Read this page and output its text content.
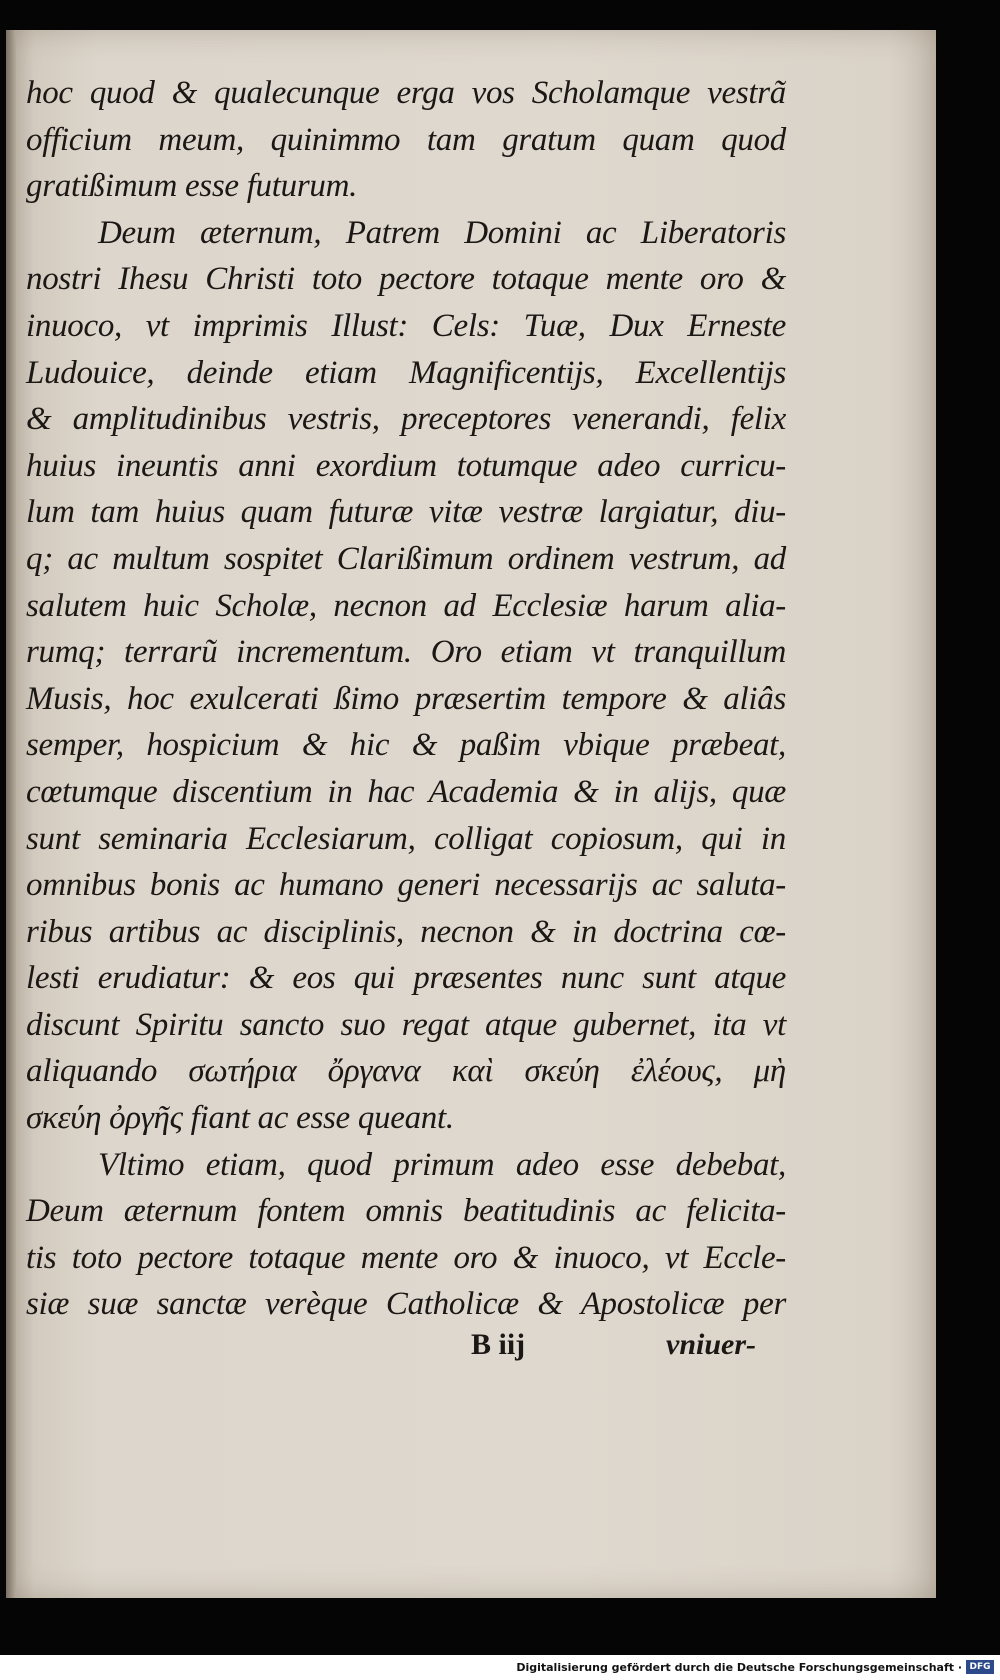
hoc quod & qualecunque erga vos Scholamque vestrã
officium meum, quinimmo tam gratum quam quod
gratißimum esse futurum.
Deum æternum, Patrem Domini ac Liberatoris
nostri Ihesu Christi toto pectore totaque mente oro &
inuoco, vt imprimis Illust: Cels: Tuæ, Dux Erneste
Ludouice, deinde etiam Magnificentijs, Excellentijs
& amplitudinibus vestris, preceptores venerandi, felix
huius ineuntis anni exordium totumque adeo curricu-
lum tam huius quam futuræ vitæ vestræ largiatur, diu-
q; ac multum sospitet Clarißimum ordinem vestrum, ad
salutem huic Scholæ, necnon ad Ecclesiæ harum alia-
rumq; terrarũ incrementum. Oro etiam vt tranquillum
Musis, hoc exulcerati ßimo præsertim tempore & aliâs
semper, hospicium & hic & paßim vbique præbeat,
cœtumque discentium in hac Academia & in alijs, quæ
sunt seminaria Ecclesiarum, colligat copiosum, qui in
omnibus bonis ac humano generi necessarijs ac saluta-
ribus artibus ac disciplinis, necnon & in doctrina cœ-
lesti erudiatur: & eos qui præsentes nunc sunt atque
discunt Spiritu sancto suo regat atque gubernet, ita vt
aliquando σωτήρια ὄργανα καὶ σκεύη ἐλέους, μὴ
σκεύη ὀργῆς fiant ac esse queant.
Vltimo etiam, quod primum adeo esse debebat,
Deum æternum fontem omnis beatitudinis ac felicita-
tis toto pectore totaque mente oro & inuoco, vt Eccle-
siæ suæ sanctæ verèque Catholicæ & Apostolicæ per
B iij	vniuer-
Digitalisierung gefördert durch die Deutsche Forschungsgemeinschaft · DFG
